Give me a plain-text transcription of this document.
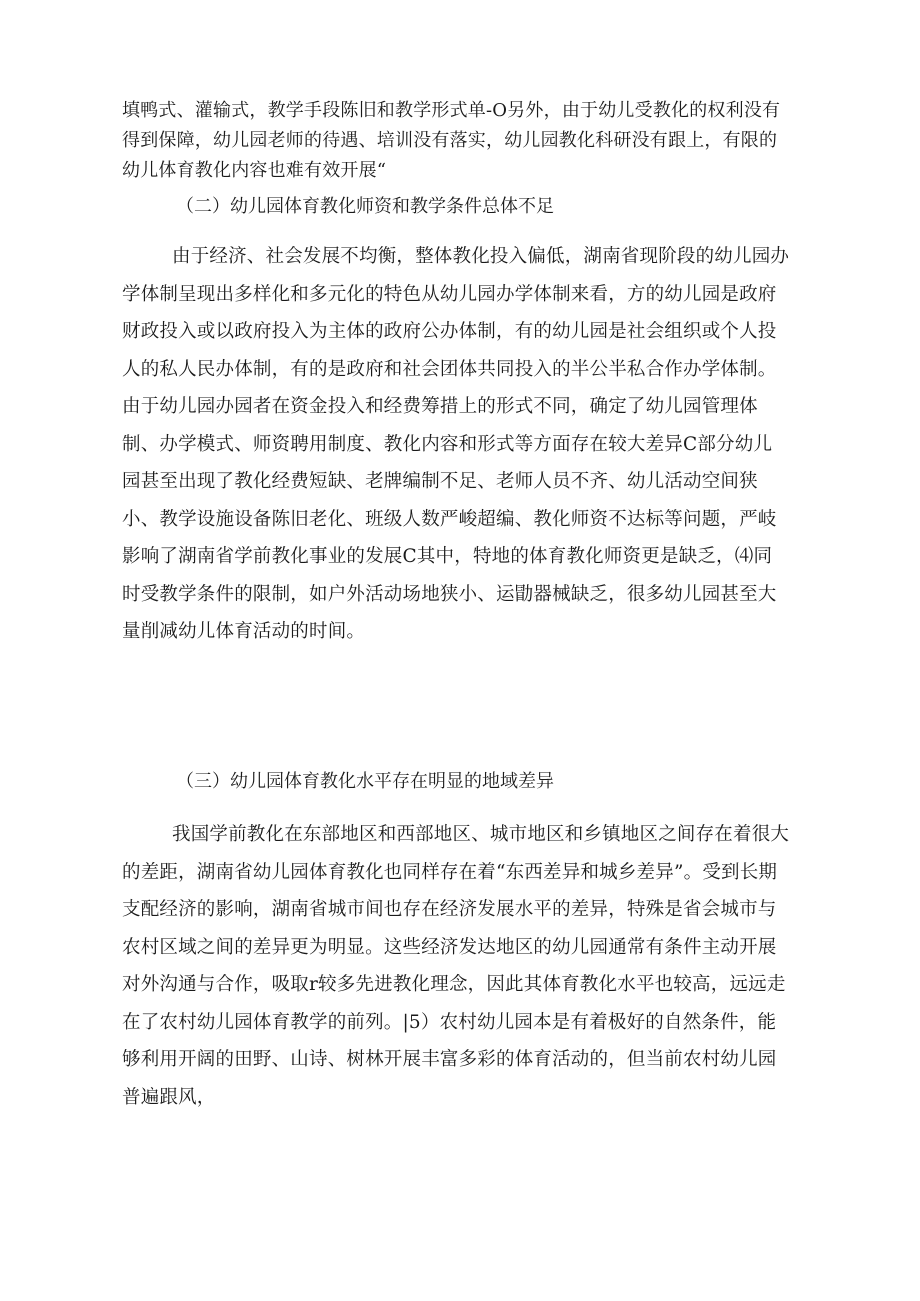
填鸭式、灌输式，教学手段陈旧和教学形式单-O另外，由于幼儿受教化的权利没有得到保障，幼儿园老师的待遇、培训没有落实，幼儿园教化科研没有跟上，有限的幼儿体育教化内容也难有效开展“

（二）幼儿园体育教化师资和教学条件总体不足

由于经济、社会发展不均衡，整体教化投入偏低，湖南省现阶段的幼儿园办学体制呈现出多样化和多元化的特色从幼儿园办学体制来看，方的幼儿园是政府财政投入或以政府投入为主体的政府公办体制，有的幼儿园是社会组织或个人投人的私人民办体制，有的是政府和社会团体共同投入的半公半私合作办学体制。由于幼儿园办园者在资金投入和经费筹措上的形式不同，确定了幼儿园管理体制、办学模式、师资聘用制度、教化内容和形式等方面存在较大差异C部分幼儿园甚至出现了教化经费短缺、老牌编制不足、老师人员不齐、幼儿活动空间狭小、教学设施设备陈旧老化、班级人数严峻超编、教化师资不达标等问题，严岐影响了湖南省学前教化事业的发展C其中，特地的体育教化师资更是缺乏，⑷同时受教学条件的限制，如户外活动场地狭小、运勖器械缺乏，很多幼儿园甚至大量削减幼儿体育活动的时间。

（三）幼儿园体育教化水平存在明显的地域差异

我国学前教化在东部地区和西部地区、城市地区和乡镇地区之间存在着很大的差距，湖南省幼儿园体育教化也同样存在着“东西差异和城乡差异”。受到长期支配经济的影响，湖南省城市间也存在经济发展水平的差异，特殊是省会城市与农村区域之间的差异更为明显。这些经济发达地区的幼儿园通常有条件主动开展对外沟通与合作，吸取r较多先进教化理念，因此其体育教化水平也较高，远远走在了农村幼儿园体育教学的前列。|5）农村幼儿园本是有着极好的自然条件，能够利用开阔的田野、山诗、树林开展丰富多彩的体育活动的，但当前农村幼儿园普遍跟风，
